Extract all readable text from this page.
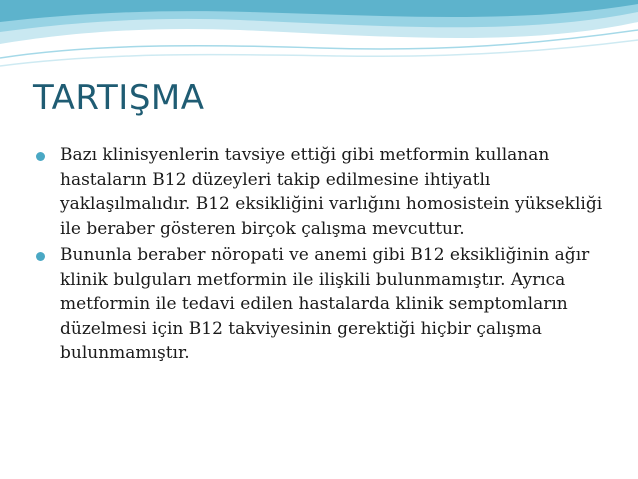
TARTIŞMA
Bazı klinisyenlerin tavsiye ettiği gibi metformin kullanan hastaların B12 düzeyleri takip edilmesine ihtiyatlı yaklaşılmalıdır. B12 eksikliğini varlığını homosistein yüksekliği ile beraber gösteren birçok çalışma mevcuttur.
Bununla beraber nöropati ve anemi gibi B12 eksikliğinin ağır klinik bulguları metformin ile ilişkili bulunmamıştır. Ayrıca metformin ile tedavi edilen hastalarda klinik semptomların düzelmesi için B12 takviyesinin gerektiği hiçbir çalışma bulunmamıştır.
